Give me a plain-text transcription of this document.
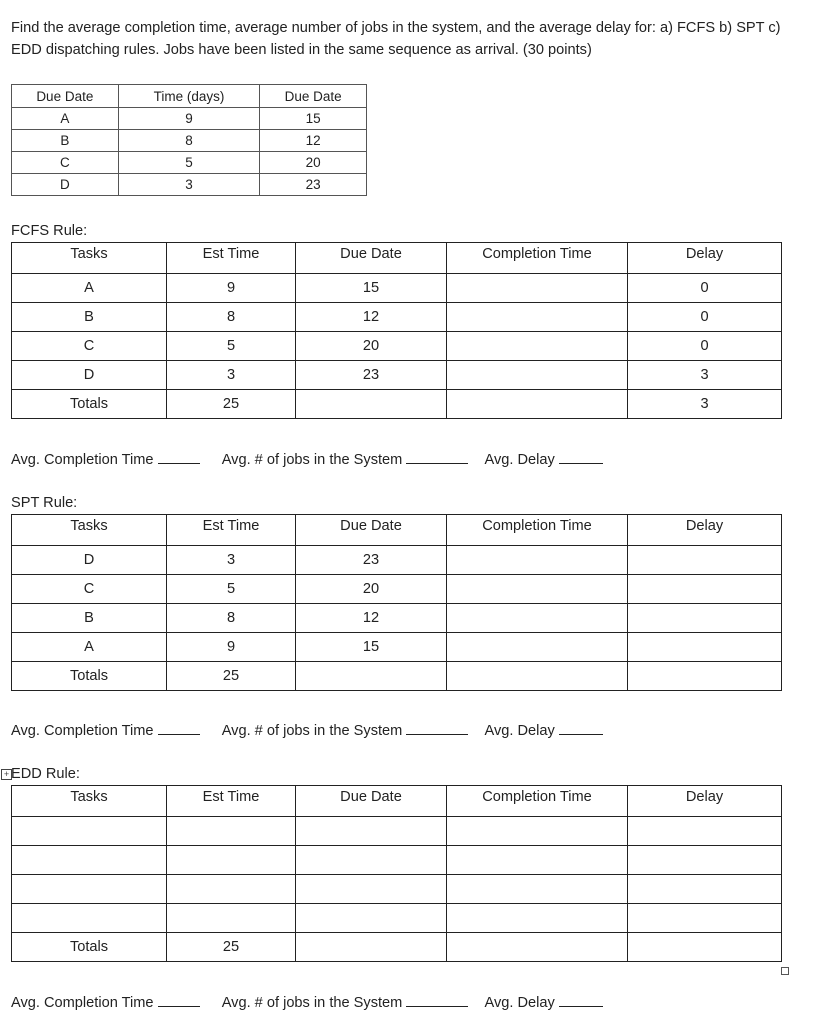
Find the average completion time, average number of jobs in the system, and the average delay for: a) FCFS b) SPT c) EDD dispatching rules. Jobs have been listed in the same sequence as arrival. (30 points)

Due Date	Time (days)	Due Date
A	9	15
B	8	12
C	5	20
D	3	23
FCFS Rule:
Tasks	Est Time	Due Date	Completion Time	Delay
A	9	15		0
B	8	12		0
C	5	20		0
D	3	23		3
Totals	25			3
Avg. Completion Time	Avg. # of jobs in the System	Avg. Delay
SPT Rule:
Tasks	Est Time	Due Date	Completion Time	Delay
D	3	23		
C	5	20		
B	8	12		
A	9	15		
Totals	25			
Avg. Completion Time	Avg. # of jobs in the System	Avg. Delay
+ EDD Rule:
Tasks	Est Time	Due Date	Completion Time	Delay

Totals	25			
Avg. Completion Time	Avg. # of jobs in the System	Avg. Delay
